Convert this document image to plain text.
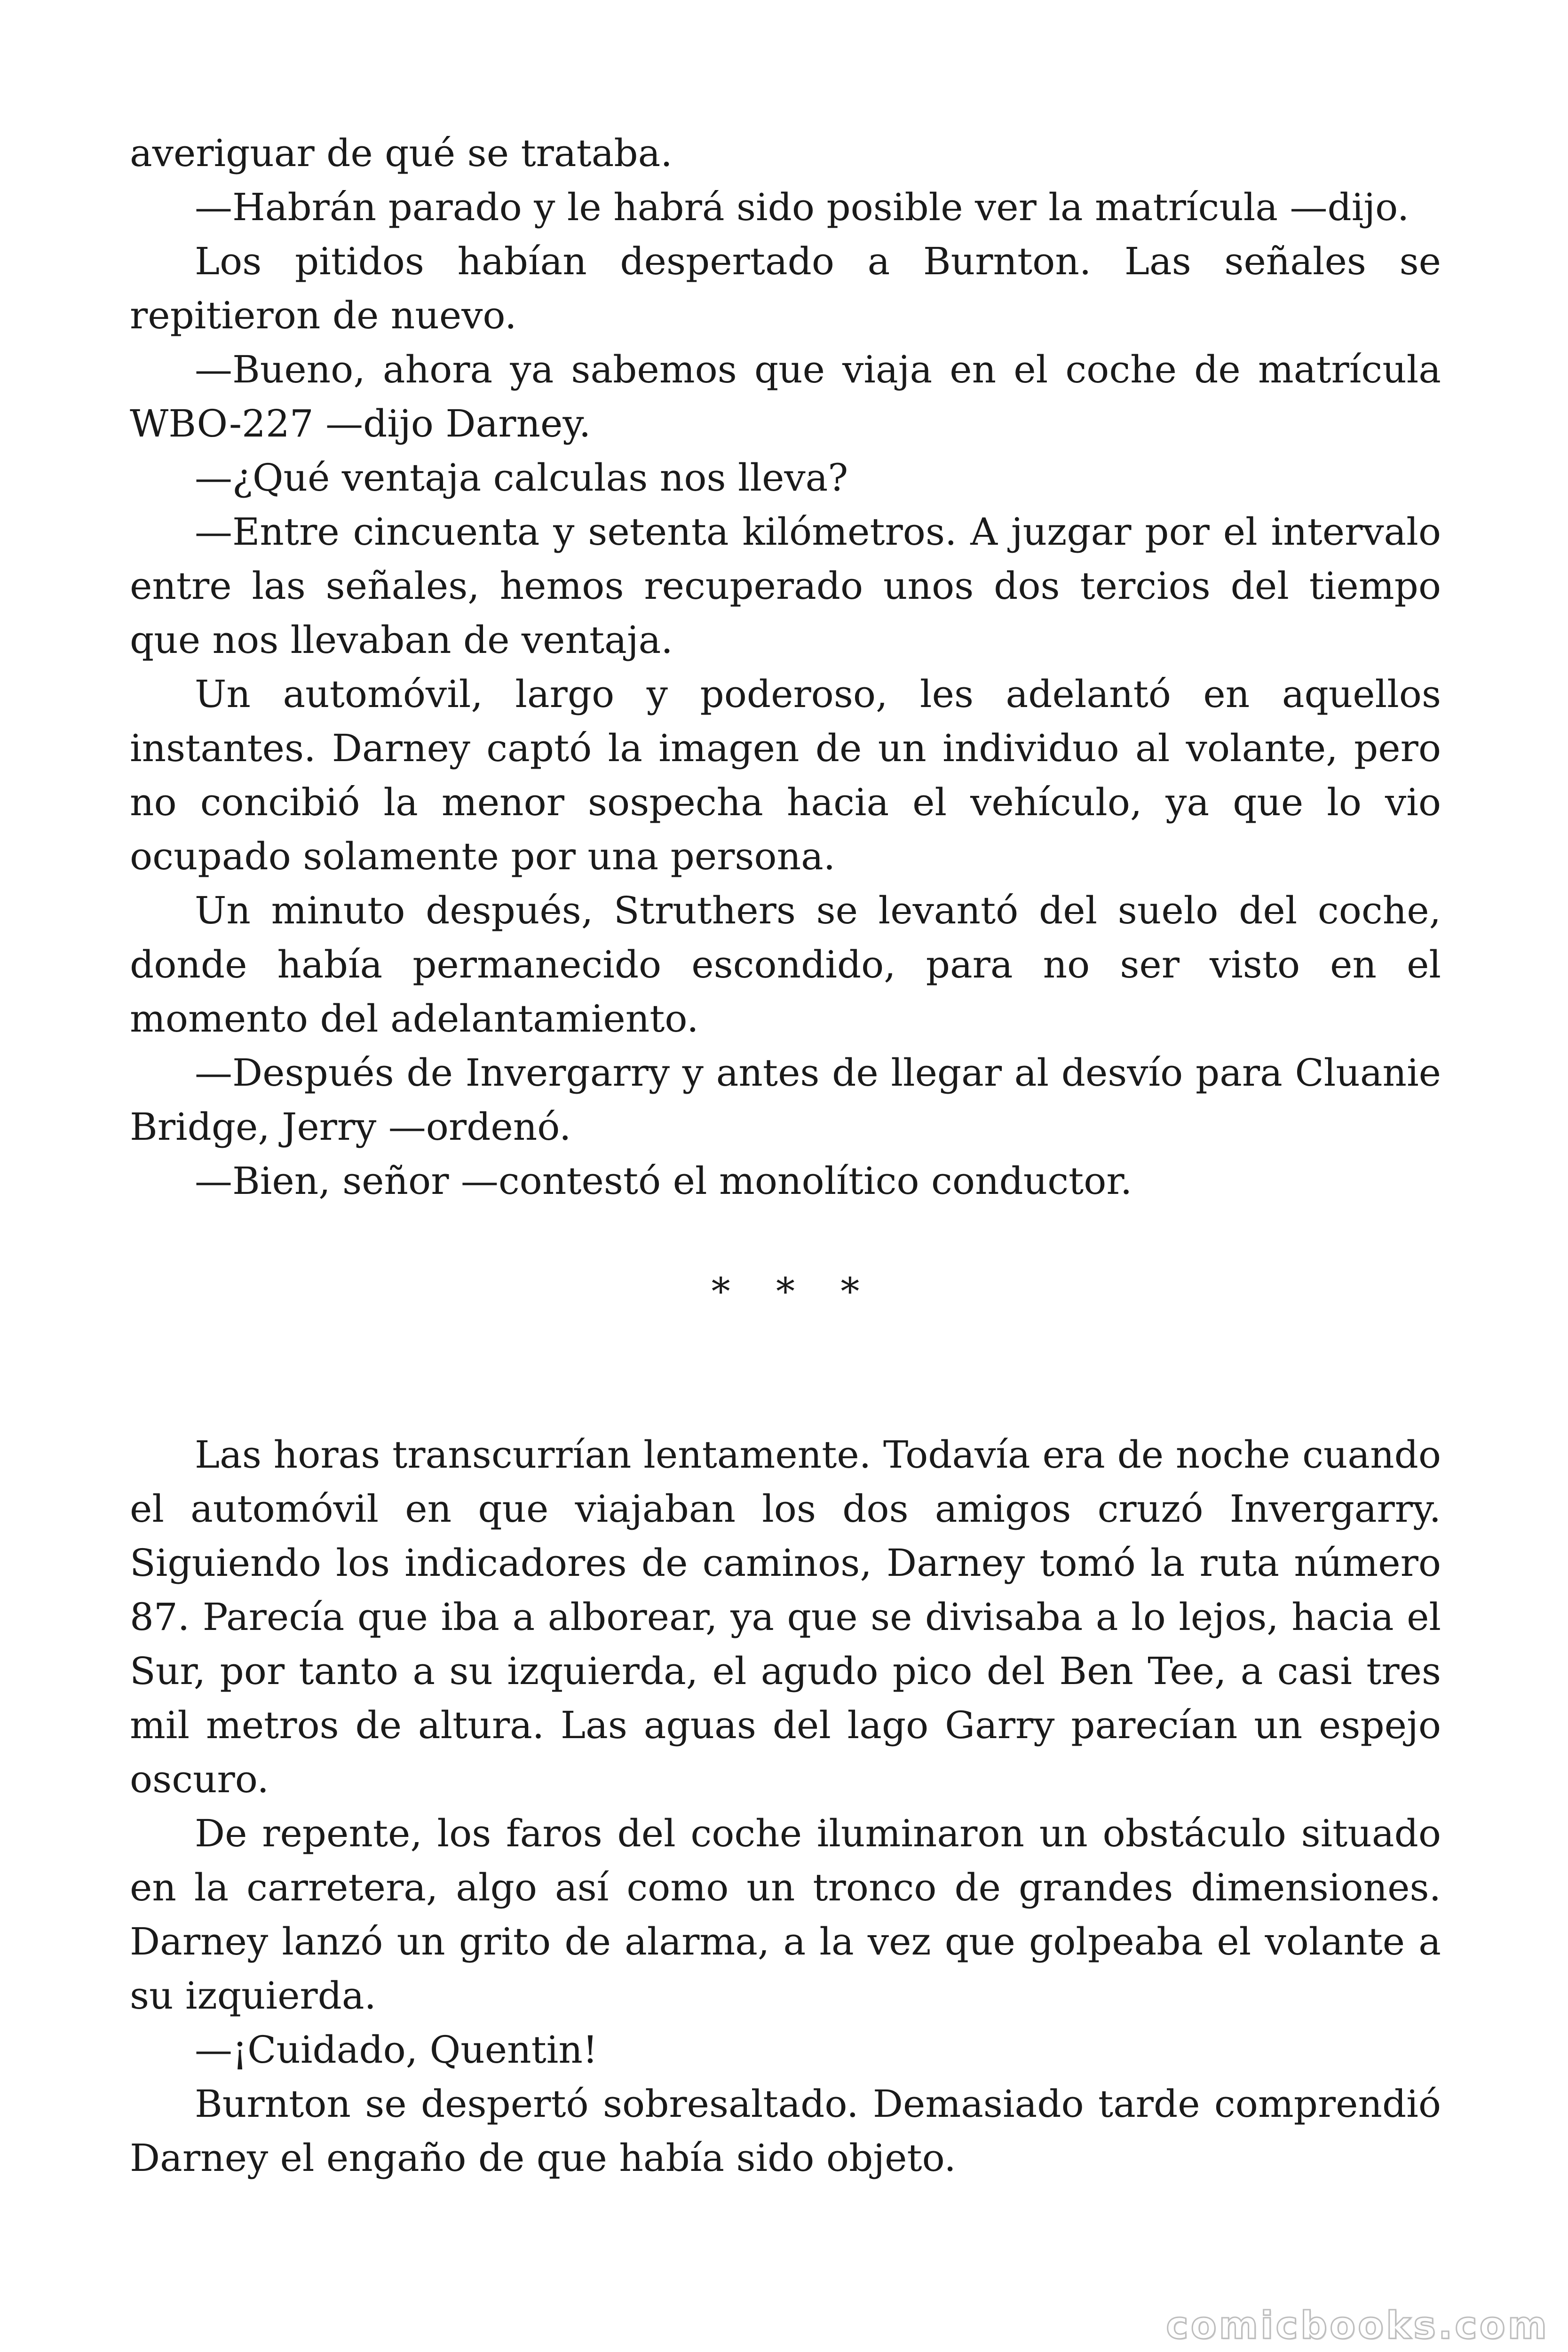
averiguar de qué se trataba.

—Habrán parado y le habrá sido posible ver la matrícula —dijo.

Los pitidos habían despertado a Burnton. Las señales se repitieron de nuevo.

—Bueno, ahora ya sabemos que viaja en el coche de matrícula WBO-227 —dijo Darney.

—¿Qué ventaja calculas nos lleva?

—Entre cincuenta y setenta kilómetros. A juzgar por el intervalo entre las señales, hemos recuperado unos dos tercios del tiempo que nos llevaban de ventaja.

Un automóvil, largo y poderoso, les adelantó en aquellos instantes. Darney captó la imagen de un individuo al volante, pero no concibió la menor sospecha hacia el vehículo, ya que lo vio ocupado solamente por una persona.

Un minuto después, Struthers se levantó del suelo del coche, donde había permanecido escondido, para no ser visto en el momento del adelantamiento.

—Después de Invergarry y antes de llegar al desvío para Cluanie Bridge, Jerry —ordenó.

—Bien, señor —contestó el monolítico conductor.

* * *

Las horas transcurrían lentamente. Todavía era de noche cuando el automóvil en que viajaban los dos amigos cruzó Invergarry. Siguiendo los indicadores de caminos, Darney tomó la ruta número 87. Parecía que iba a alborear, ya que se divisaba a lo lejos, hacia el Sur, por tanto a su izquierda, el agudo pico del Ben Tee, a casi tres mil metros de altura. Las aguas del lago Garry parecían un espejo oscuro.

De repente, los faros del coche iluminaron un obstáculo situado en la carretera, algo así como un tronco de grandes dimensiones. Darney lanzó un grito de alarma, a la vez que golpeaba el volante a su izquierda.

—¡Cuidado, Quentin!

Burnton se despertó sobresaltado. Demasiado tarde comprendió Darney el engaño de que había sido objeto.

comicbooks.com
